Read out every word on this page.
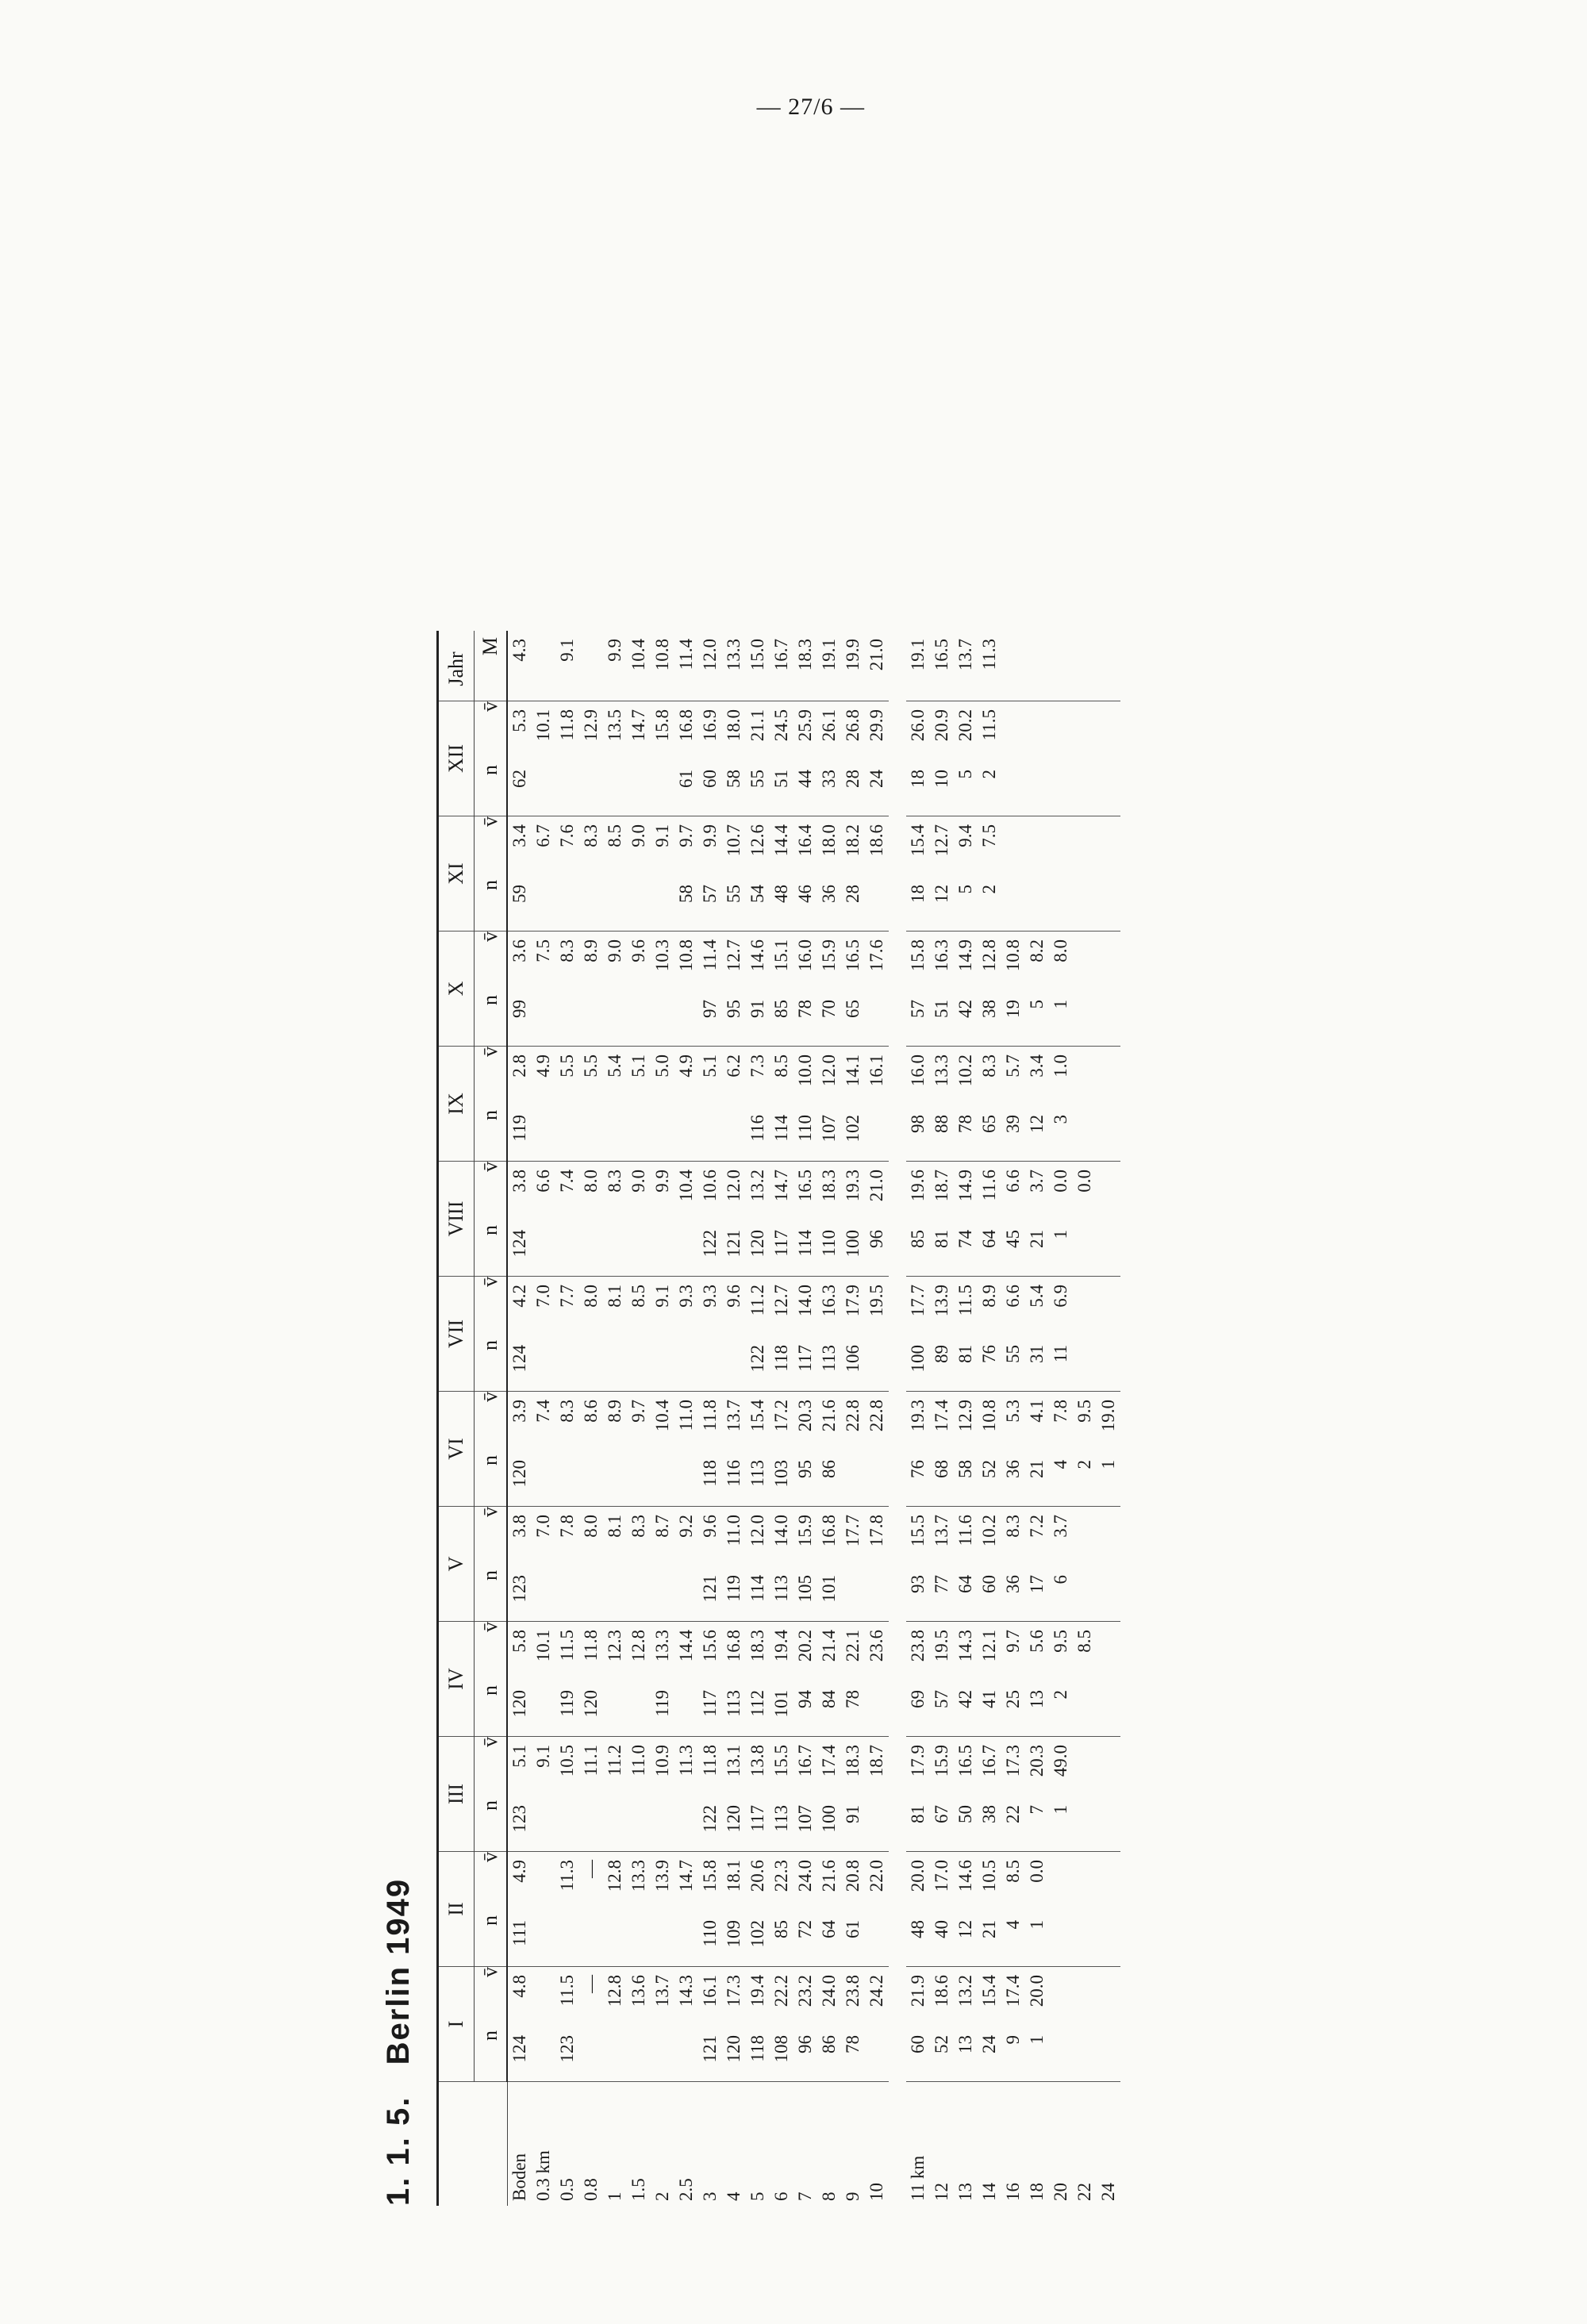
— 27/6 —
1. 1. 5.   Berlin 1949
	I		II		III		IV		V		VI		VII		VIII		IX		X		XI		XII		Jahr
	n	v̄	n	v̄	n	v̄	n	v̄	n	v̄	n	v̄	n	v̄	n	v̄	n	v̄	n	v̄	n	v̄	n	v̄	M
Boden	124	4.8	111	4.9	123	5.1	120	5.8	123	3.8	120	3.9	124	4.2	124	3.8	119	2.8	99	3.6	59	3.4	62	5.3	4.3
0.3 km						9.1		10.1		7.0		7.4		7.0		6.6		4.9		7.5		6.7		10.1	
0.5	123	11.5		11.3		10.5	119	11.5		7.8		8.3		7.7		7.4		5.5		8.3		7.6		11.8	9.1
0.8		—		—		11.1	120	11.8		8.0		8.6		8.0		8.0		5.5		8.9		8.3		12.9	
1		12.8		12.8		11.2		12.3		8.1		8.9		8.1		8.3		5.4		9.0		8.5		13.5	9.9
1.5		13.6		13.3		11.0		12.8		8.3		9.7		8.5		9.0		5.1		9.6		9.0		14.7	10.4
2		13.7		13.9		10.9	119	13.3		8.7		10.4		9.1		9.9		5.0		10.3		9.1		15.8	10.8
2.5		14.3		14.7		11.3		14.4		9.2		11.0		9.3		10.4		4.9		10.8	58	9.7	61	16.8	11.4
3	121	16.1	110	15.8	122	11.8	117	15.6	121	9.6	118	11.8		9.3	122	10.6		5.1	97	11.4	57	9.9	60	16.9	12.0
4	120	17.3	109	18.1	120	13.1	113	16.8	119	11.0	116	13.7		9.6	121	12.0		6.2	95	12.7	55	10.7	58	18.0	13.3
5	118	19.4	102	20.6	117	13.8	112	18.3	114	12.0	113	15.4	122	11.2	120	13.2	116	7.3	91	14.6	54	12.6	55	21.1	15.0
6	108	22.2	85	22.3	113	15.5	101	19.4	113	14.0	103	17.2	118	12.7	117	14.7	114	8.5	85	15.1	48	14.4	51	24.5	16.7
7	96	23.2	72	24.0	107	16.7	94	20.2	105	15.9	95	20.3	117	14.0	114	16.5	110	10.0	78	16.0	46	16.4	44	25.9	18.3
8	86	24.0	64	21.6	100	17.4	84	21.4	101	16.8	86	21.6	113	16.3	110	18.3	107	12.0	70	15.9	36	18.0	33	26.1	19.1
9	78	23.8	61	20.8	91	18.3	78	22.1		17.7		22.8	106	17.9	100	19.3	102	14.1	65	16.5	28	18.2	28	26.8	19.9
10		24.2		22.0		18.7		23.6		17.8		22.8		19.5	96	21.0		16.1		17.6		18.6	24	29.9	21.0

11 km	60	21.9	48	20.0	81	17.9	69	23.8	93	15.5	76	19.3	100	17.7	85	19.6	98	16.0	57	15.8	18	15.4	18	26.0	19.1
12	52	18.6	40	17.0	67	15.9	57	19.5	77	13.7	68	17.4	89	13.9	81	18.7	88	13.3	51	16.3	12	12.7	10	20.9	16.5
13	13	13.2	12	14.6	50	16.5	42	14.3	64	11.6	58	12.9	81	11.5	74	14.9	78	10.2	42	14.9	5	9.4	5	20.2	13.7
14	24	15.4	21	10.5	38	16.7	41	12.1	60	10.2	52	10.8	76	8.9	64	11.6	65	8.3	38	12.8	2	7.5	2	11.5	11.3
16	9	17.4	4	8.5	22	17.3	25	9.7	36	8.3	36	5.3	55	6.6	45	6.6	39	5.7	19	10.8					
18	1	20.0	1	0.0	7	20.3	13	5.6	17	7.2	21	4.1	31	5.4	21	3.7	12	3.4	5	8.2					
20					1	49.0	2	9.5	6	3.7	4	7.8	11	6.9	1	0.0	3	1.0	1	8.0					
22								8.5			2	9.5				0.0									
24											1	19.0													
